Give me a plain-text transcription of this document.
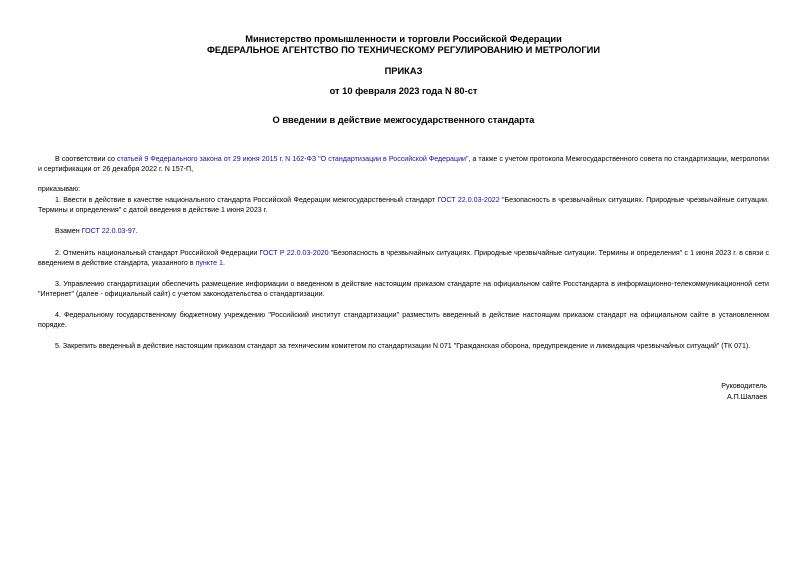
Министерство промышленности и торговли Российской Федерации
ФЕДЕРАЛЬНОЕ АГЕНТСТВО ПО ТЕХНИЧЕСКОМУ РЕГУЛИРОВАНИЮ И МЕТРОЛОГИИ
ПРИКАЗ
от 10 февраля 2023 года N 80-ст
О введении в действие межгосударственного стандарта

В соответствии со статьей 9 Федерального закона от 29 июня 2015 г. N 162-ФЗ "О стандартизации в Российской Федерации", а также с учетом протокола Межгосударственного совета по стандартизации, метрологии и сертификации от 26 декабря 2022 г. N 157-П,

приказываю:

1. Ввести в действие в качестве национального стандарта Российской Федерации межгосударственный стандарт ГОСТ 22.0.03-2022 "Безопасность в чрезвычайных ситуациях. Природные чрезвычайные ситуации. Термины и определения" с датой введения в действие 1 июня 2023 г.

Взамен ГОСТ 22.0.03-97.

2. Отменить национальный стандарт Российской Федерации ГОСТ Р 22.0.03-2020 "Безопасность в чрезвычайных ситуациях. Природные чрезвычайные ситуации. Термины и определения" с 1 июня 2023 г. в связи с введением в действие стандарта, указанного в пункте 1.

3. Управлению стандартизации обеспечить размещение информации о введенном в действие настоящим приказом стандарте на официальном сайте Росстандарта в информационно-телекоммуникационной сети "Интернет" (далее - официальный сайт) с учетом законодательства о стандартизации.

4. Федеральному государственному бюджетному учреждению "Российский институт стандартизации" разместить введенный в действие настоящим приказом стандарт на официальном сайте в установленном порядке.

5. Закрепить введенный в действие настоящим приказом стандарт за техническим комитетом по стандартизации N 071 "Гражданская оборона, предупреждение и ликвидация чрезвычайных ситуаций" (ТК 071).

Руководитель
А.П.Шалаев
